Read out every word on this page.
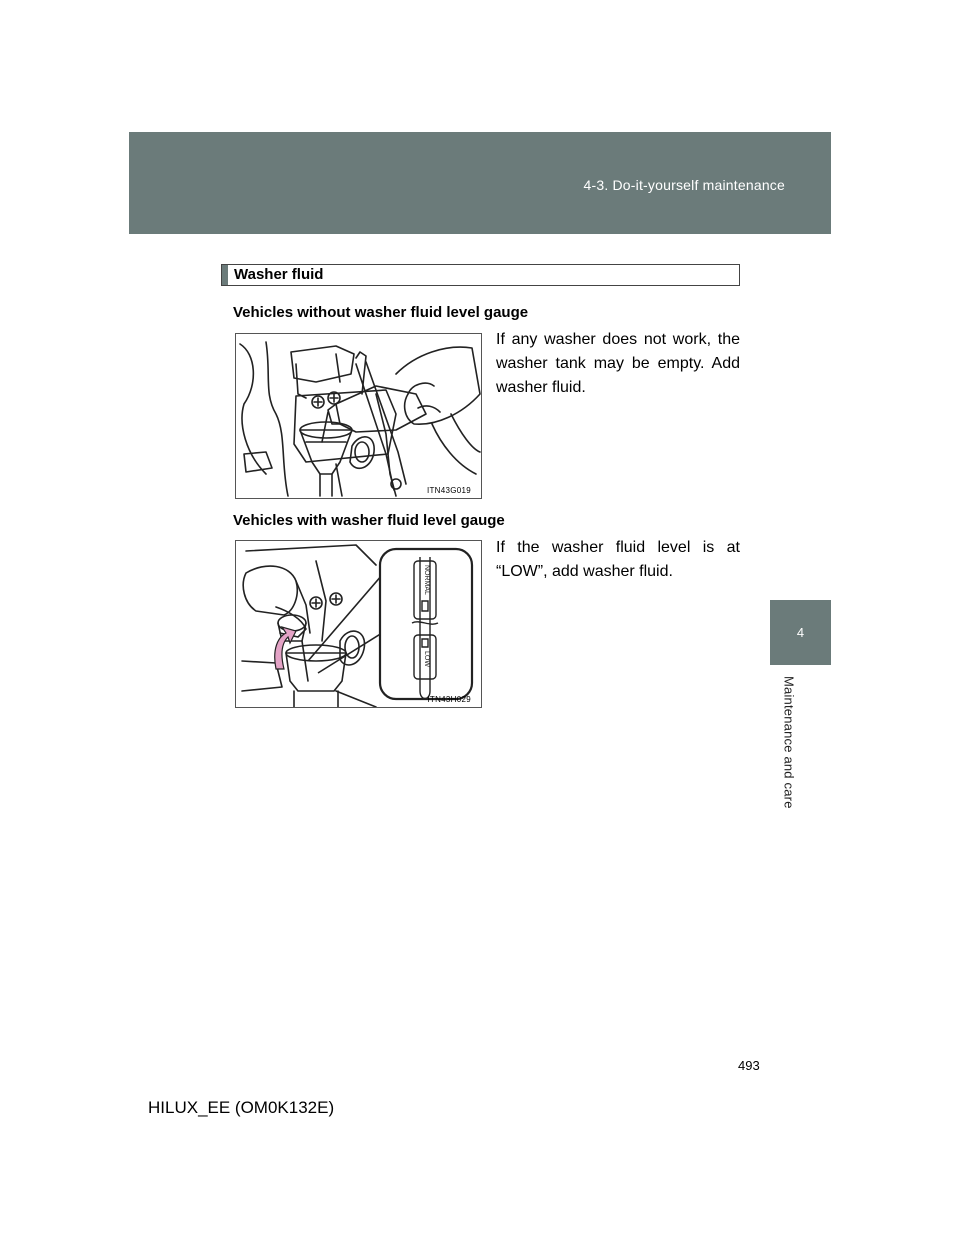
4-3. Do-it-yourself maintenance
4
Maintenance and care
Washer fluid
Vehicles without washer fluid level gauge
ITN43G019
If any washer does not work, the washer tank may be empty. Add washer fluid.
Vehicles with washer fluid level gauge
NORMAL
LOW
ITN43H029
If the washer fluid level is at “LOW”, add washer fluid.
493
HILUX_EE (OM0K132E)
